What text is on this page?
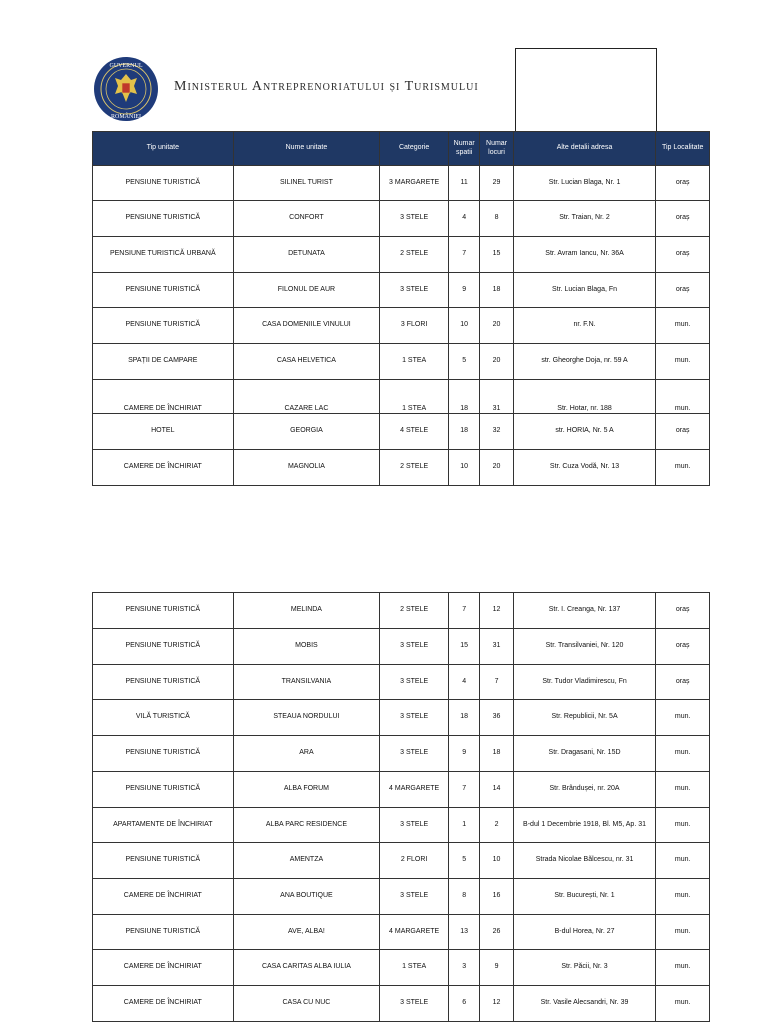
GUVERNUL
ROMÂNIEI
Ministerul Antreprenoriatului și Turismului
Tip unitate	Nume unitate	Categorie	Numar spatii	Numar locuri	Alte detalii adresa	Tip Localitate
PENSIUNE TURISTICĂ	SILINEL TURIST	3 MARGARETE	11	29	Str. Lucian Blaga, Nr. 1	oraș
PENSIUNE TURISTICĂ	CONFORT	3 STELE	4	8	Str. Traian, Nr. 2	oraș
PENSIUNE TURISTICĂ URBANĂ	DETUNATA	2 STELE	7	15	Str. Avram Iancu, Nr. 36A	oraș
PENSIUNE TURISTICĂ	FILONUL DE AUR	3 STELE	9	18	Str. Lucian Blaga, Fn	oraș
PENSIUNE TURISTICĂ	CASA DOMENIILE VINULUI	3 FLORI	10	20	nr. F.N.	mun.
SPAȚII DE CAMPARE	CASA HELVETICA	1 STEA	5	20	str. Gheorghe Doja, nr. 59 A	mun.
CAMERE DE ÎNCHIRIAT	CAZARE LAC	1 STEA	18	31	Str. Hotar, nr. 188	mun.
HOTEL	GEORGIA	4 STELE	18	32	str. HORIA, Nr. 5 A	oraș
CAMERE DE ÎNCHIRIAT	MAGNOLIA	2 STELE	10	20	Str. Cuza Vodă, Nr. 13	mun.
PENSIUNE TURISTICĂ	MELINDA	2 STELE	7	12	Str. I. Creanga, Nr. 137	oraș
PENSIUNE TURISTICĂ	MOBIS	3 STELE	15	31	Str. Transilvaniei, Nr. 120	oraș
PENSIUNE TURISTICĂ	TRANSILVANIA	3 STELE	4	7	Str. Tudor Vladimirescu, Fn	oraș
VILĂ TURISTICĂ	STEAUA NORDULUI	3 STELE	18	36	Str. Republicii, Nr. 5A	mun.
PENSIUNE TURISTICĂ	ARA	3 STELE	9	18	Str. Dragasani, Nr. 15D	mun.
PENSIUNE TURISTICĂ	ALBA FORUM	4 MARGARETE	7	14	Str. Brândușei, nr. 20A	mun.
APARTAMENTE DE ÎNCHIRIAT	ALBA PARC RESIDENCE	3 STELE	1	2	B-dul 1 Decembrie 1918, Bl. M5, Ap. 31	mun.
PENSIUNE TURISTICĂ	AMENTZA	2 FLORI	5	10	Strada Nicolae Bălcescu, nr. 31	mun.
CAMERE DE ÎNCHIRIAT	ANA BOUTIQUE	3 STELE	8	16	Str. București, Nr. 1	mun.
PENSIUNE TURISTICĂ	AVE, ALBA!	4 MARGARETE	13	26	B-dul Horea, Nr. 27	mun.
CAMERE DE ÎNCHIRIAT	CASA CARITAS ALBA IULIA	1 STEA	3	9	Str. Păcii, Nr. 3	mun.
CAMERE DE ÎNCHIRIAT	CASA CU NUC	3 STELE	6	12	Str. Vasile Alecsandri, Nr. 39	mun.
